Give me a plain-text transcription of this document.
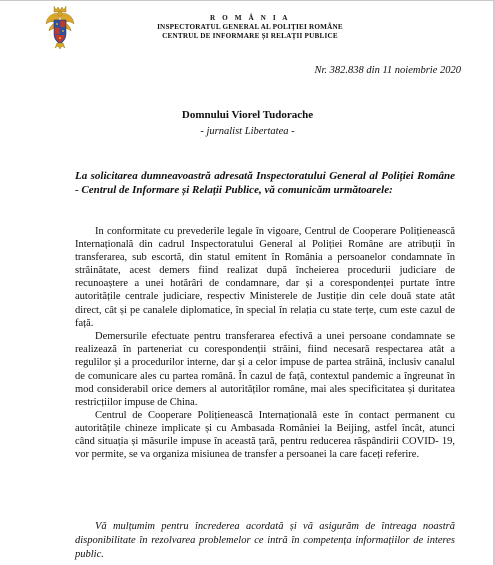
R O M Â N I A
INSPECTORATUL GENERAL AL POLIȚIEI ROMÂNE
CENTRUL DE INFORMARE ȘI RELAȚII PUBLICE
Nr. 382.838 din 11 noiembrie 2020
Domnului Viorel Tudorache
- jurnalist Libertatea -
La solicitarea dumneavoastră adresată Inspectoratului General al Poliției Române - Centrul de Informare și Relații Publice, vă comunicăm următoarele:

In conformitate cu prevederile legale în vigoare, Centrul de Cooperare Polițienească Internațională din cadrul Inspectoratului General al Poliției Române are atribuții în transferarea, sub escortă, din statul emitent în România a persoanelor condamnate în străinătate, acest demers fiind realizat după încheierea procedurii judiciare de recunoaștere a unei hotărâri de condamnare, dar și a corespondenței purtate între autoritățile centrale judiciare, respectiv Ministerele de Justiție din cele două state atât direct, cât și pe canalele diplomatice, în special în relația cu state terțe, cum este cazul de față.

Demersurile efectuate pentru transferarea efectivă a unei persoane condamnate se realizează în parteneriat cu corespondenții străini, fiind necesară respectarea atât a regulilor și a procedurilor interne, dar și a celor impuse de partea străină, inclusiv canalul de comunicare ales cu partea română. În cazul de față, contextul pandemic a îngreunat în mod considerabil orice demers al autorităților române, mai ales specificitatea și duritatea restricțiilor impuse de China.

Centrul de Cooperare Polițienească Internațională este în contact permanent cu autoritățile chineze implicate și cu Ambasada României la Beijing, astfel încât, atunci când situația și măsurile impuse în această țară, pentru reducerea răspândirii COVID- 19, vor permite, se va organiza misiunea de transfer a persoanei la care faceți referire.

Vă mulțumim pentru încrederea acordată și vă asigurăm de întreaga noastră disponibilitate în rezolvarea problemelor ce intră în competența informațiilor de interes public.
